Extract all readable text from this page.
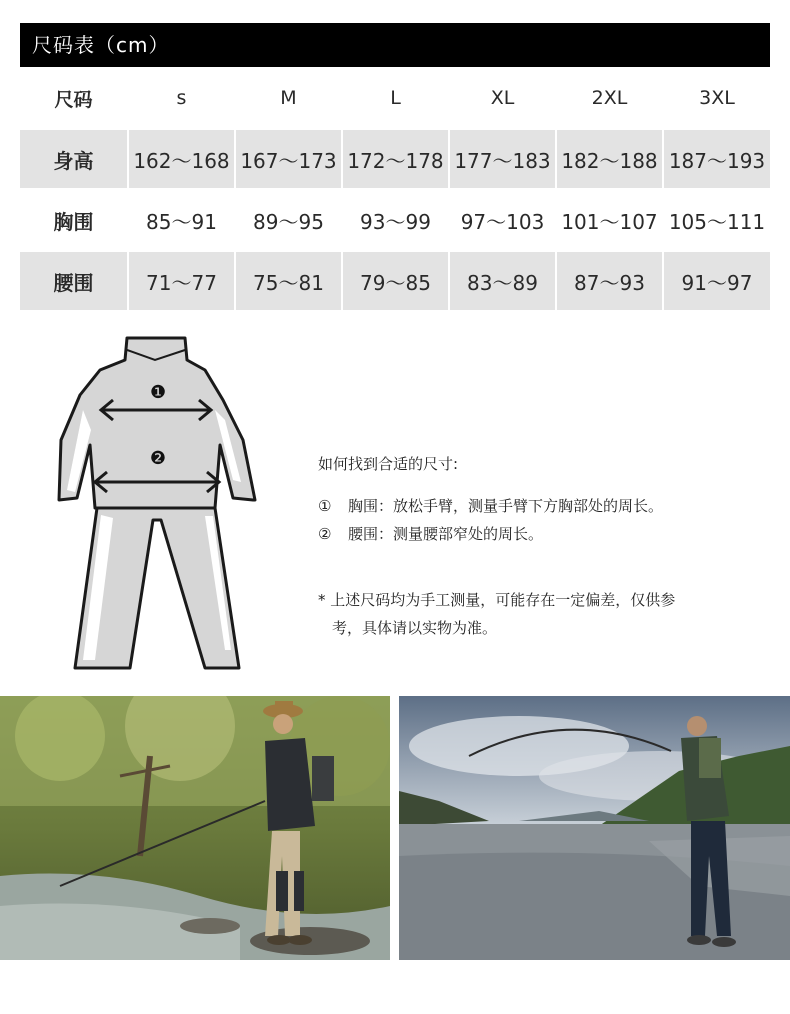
尺码表（cm）
尺码	s	M	L	XL	2XL	3XL
身高	162～168	167～173	172～178	177～183	182～188	187～193
胸围	85～91	89～95	93～99	97～103	101～107	105～111
腰围	71～77	75～81	79～85	83～89	87～93	91～97
❶
❷	如何找到合适的尺寸:
①	胸围：放松手臂，测量手臂下方胸部处的周长。
②	腰围：测量腰部窄处的周长。
* 上述尺码均为手工测量，可能存在一定偏差，仅供参
考，具体请以实物为准。
